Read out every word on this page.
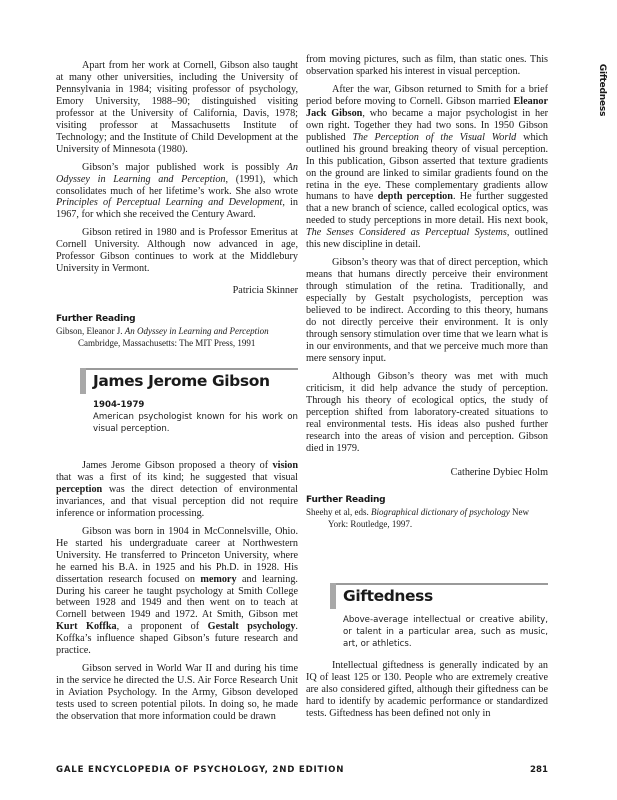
Apart from her work at Cornell, Gibson also taught at many other universities, including the University of Pennsylvania in 1984; visiting professor of psychology, Emory University, 1988–90; distinguished visiting professor at the University of California, Davis, 1978; visiting professor at Massachusetts Institute of Technology; and the Institute of Child Development at the University of Minnesota (1980).

Gibson’s major published work is possibly An Odyssey in Learning and Perception, (1991), which consolidates much of her lifetime’s work. She also wrote Principles of Perceptual Learning and Development, in 1967, for which she received the Century Award.

Gibson retired in 1980 and is Professor Emeritus at Cornell University. Although now advanced in age, Professor Gibson continues to work at the Middlebury University in Vermont.

Patricia Skinner

Further Reading
Gibson, Eleanor J. An Odyssey in Learning and Perception Cambridge, Massachusetts: The MIT Press, 1991
James Jerome Gibson
1904-1979
American psychologist known for his work on visual perception.

James Jerome Gibson proposed a theory of vision that was a first of its kind; he suggested that visual perception was the direct detection of environmental invariances, and that visual perception did not require inference or information processing.

Gibson was born in 1904 in McConnelsville, Ohio. He started his undergraduate career at Northwestern University. He transferred to Princeton University, where he earned his B.A. in 1925 and his Ph.D. in 1928. His dissertation research focused on memory and learning. During his career he taught psychology at Smith College between 1928 and 1949 and then went on to teach at Cornell between 1949 and 1972. At Smith, Gibson met Kurt Koffka, a proponent of Gestalt psychology. Koffka’s influence shaped Gibson’s future research and practice.

Gibson served in World War II and during his time in the service he directed the U.S. Air Force Research Unit in Aviation Psychology. In the Army, Gibson developed tests used to screen potential pilots. In doing so, he made the observation that more information could be drawn

from moving pictures, such as film, than static ones. This observation sparked his interest in visual perception.

After the war, Gibson returned to Smith for a brief period before moving to Cornell. Gibson married Eleanor Jack Gibson, who became a major psychologist in her own right. Together they had two sons. In 1950 Gibson published The Perception of the Visual World which outlined his ground breaking theory of visual perception. In this publication, Gibson asserted that texture gradients on the ground are linked to similar gradients found on the retina in the eye. These complementary gradients allow humans to have depth perception. He further suggested that a new branch of science, called ecological optics, was needed to study perceptions in more detail. His next book, The Senses Considered as Perceptual Systems, outlined this new discipline in detail.

Gibson’s theory was that of direct perception, which means that humans directly perceive their environment through stimulation of the retina. Traditionally, and especially by Gestalt psychologists, perception was believed to be indirect. According to this theory, humans do not directly perceive their environment. It is only through sensory stimulation over time that we learn what is in our environments, and that we perceive much more than mere sensory input.

Although Gibson’s theory was met with much criticism, it did help advance the study of perception. Through his theory of ecological optics, the study of perception shifted from laboratory-created situations to real environmental tests. His ideas also pushed further research into the areas of vision and perception. Gibson died in 1979.

Catherine Dybiec Holm

Further Reading
Sheehy et al, eds. Biographical dictionary of psychology New York: Routledge, 1997.
Giftedness
Above-average intellectual or creative ability, or talent in a particular area, such as music, art, or athletics.

Intellectual giftedness is generally indicated by an IQ of least 125 or 130. People who are extremely creative are also considered gifted, although their giftedness can be hard to identify by academic performance or standardized tests. Giftedness has been defined not only in

Giftedness
GALE ENCYCLOPEDIA OF PSYCHOLOGY, 2ND EDITION	281
